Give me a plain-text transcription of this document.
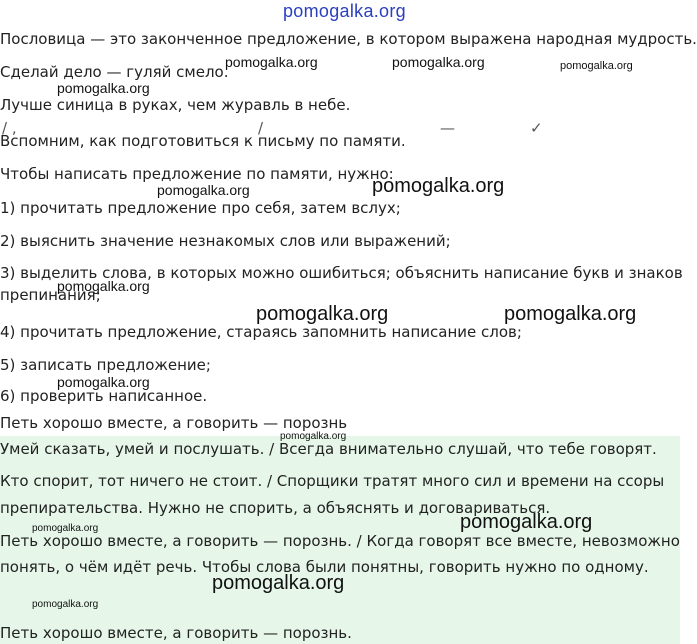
/ ,	/	—	✓

Пословица — это законченное предложение, в котором выражена народная мудрость.

Сделай дело — гуляй смело.

Лучше синица в руках, чем журавль в небе.

Вспомним, как подготовиться к письму по памяти.

Чтобы написать предложение по памяти, нужно:

1) прочитать предложение про себя, затем вслух;

2) выяснить значение незнакомых слов или выражений;

3) выделить слова, в которых можно ошибиться; объяснить написание букв и знаков

препинания;

4) прочитать предложение, стараясь запомнить написание слов;

5) записать предложение;

6) проверить написанное.

Петь хорошо вместе, а говорить — порознь

Умей сказать, умей и послушать. / Всегда внимательно слушай, что тебе говорят.

Кто спорит, тот ничего не стоит. / Спорщики тратят много сил и времени на ссоры

препирательства. Нужно не спорить, а объяснять и договариваться.

Петь хорошо вместе, а говорить — порознь. / Когда говорят все вместе, невозможно

понять, о чём идёт речь. Чтобы слова были понятны, говорить нужно по одному.

Петь хорошо вместе, а говорить — порознь.

pomogalka.org
pomogalka.org	pomogalka.org	pomogalka.org
pomogalka.org
pomogalka.org	pomogalka.org
pomogalka.org
pomogalka.org	pomogalka.org
pomogalka.org
pomogalka.org
pomogalka.org
pomogalka.org
pomogalka.org
pomogalka.org
